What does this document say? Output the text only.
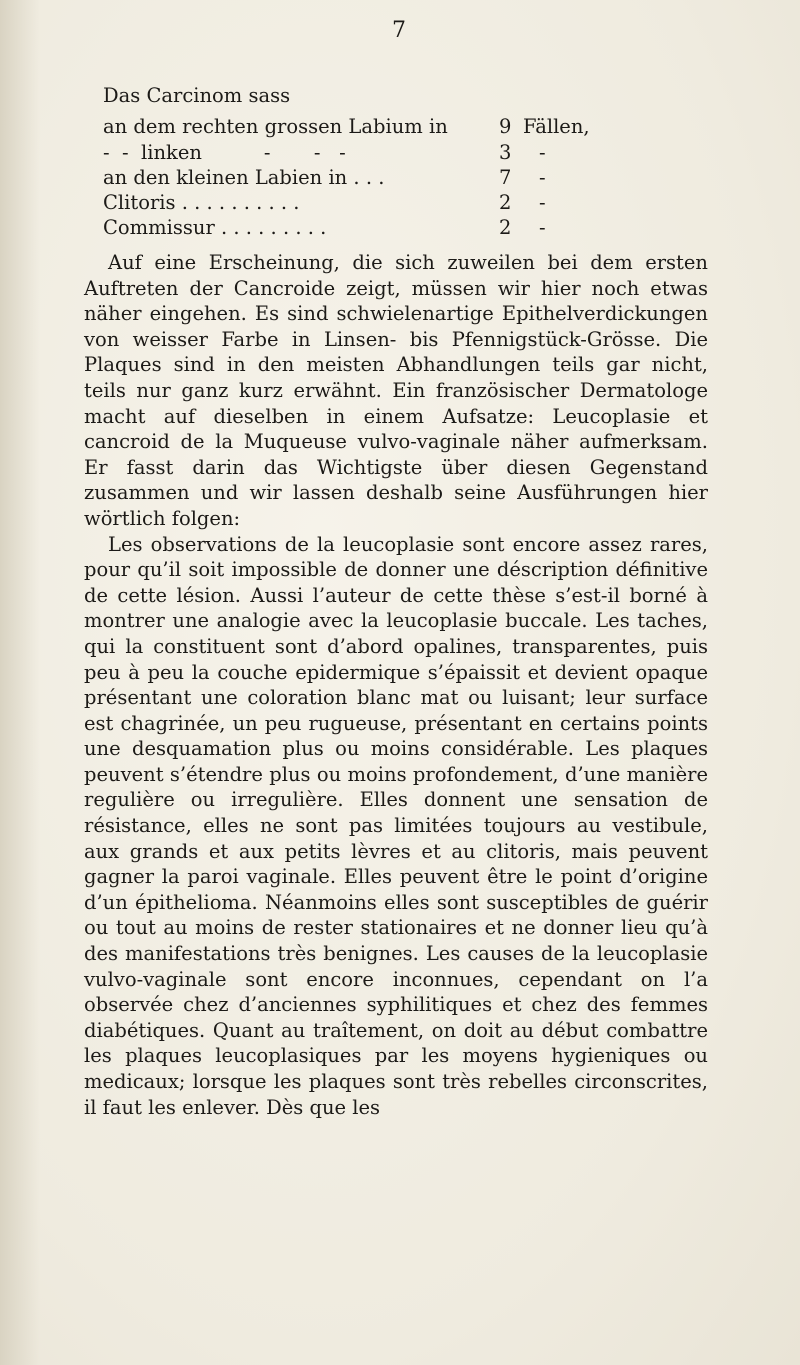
7
Das Carcinom sass
an dem rechten grossen Labium in	9 Fällen,
-  -  linken          -       -   -	3 -
an den kleinen Labien in . . .	7 -
Clitoris . . . . . . . . . .	2 -
Commissur . . . . . . . . .	2 -

Auf eine Erscheinung, die sich zuweilen bei dem ersten Auftreten der Cancroide zeigt, müssen wir hier noch etwas näher eingehen. Es sind schwielenartige Epithelverdickungen von weisser Farbe in Linsen- bis Pfennigstück-Grösse. Die Plaques sind in den meisten Abhandlungen teils gar nicht, teils nur ganz kurz erwähnt. Ein französischer Dermatologe macht auf dieselben in einem Aufsatze: Leucoplasie et cancroid de la Muqueuse vulvo-vaginale näher aufmerksam. Er fasst darin das Wichtigste über diesen Gegenstand zusammen und wir lassen deshalb seine Ausführungen hier wörtlich folgen:

Les observations de la leucoplasie sont encore assez rares, pour qu’il soit impossible de donner une déscription définitive de cette lésion. Aussi l’auteur de cette thèse s’est-il borné à montrer une analogie avec la leucoplasie buccale. Les taches, qui la constituent sont d’abord opalines, transparentes, puis peu à peu la couche epidermique s’épaissit et devient opaque présentant une coloration blanc mat ou luisant; leur surface est chagrinée, un peu rugueuse, présentant en certains points une desquamation plus ou moins considérable. Les plaques peuvent s’étendre plus ou moins profondement, d’une manière regulière ou irregulière. Elles donnent une sensation de résistance, elles ne sont pas limitées toujours au vestibule, aux grands et aux petits lèvres et au clitoris, mais peuvent gagner la paroi vaginale. Elles peuvent être le point d’origine d’un épithelioma. Néanmoins elles sont susceptibles de guérir ou tout au moins de rester stationaires et ne donner lieu qu’à des manifestations très benignes. Les causes de la leucoplasie vulvo-vaginale sont encore inconnues, cependant on l’a observée chez d’anciennes syphilitiques et chez des femmes diabétiques. Quant au traîtement, on doit au début combattre les plaques leucoplasiques par les moyens hygieniques ou medicaux; lorsque les plaques sont très rebelles circonscrites, il faut les enlever. Dès que les
